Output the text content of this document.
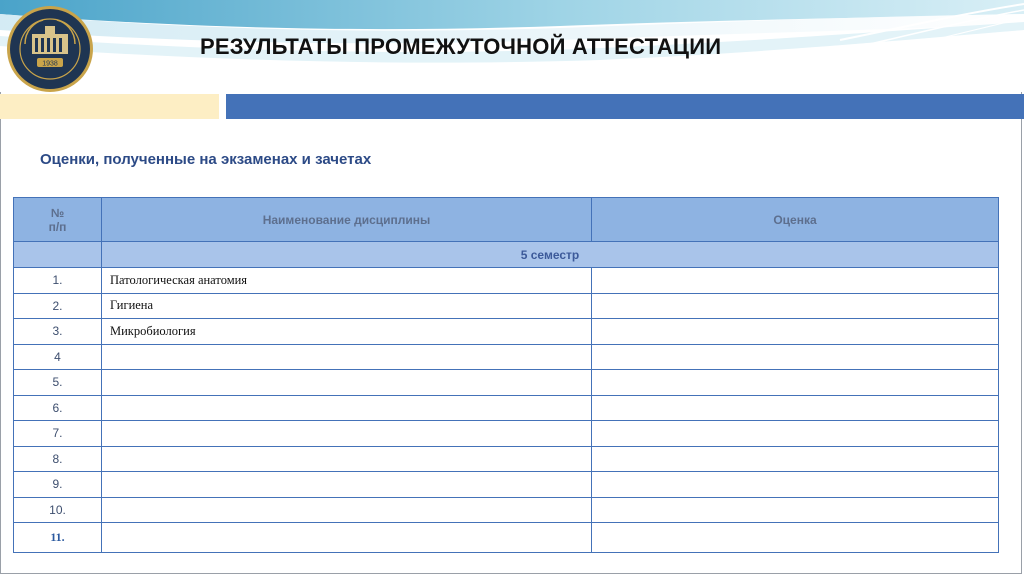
1938
РЕЗУЛЬТАТЫ ПРОМЕЖУТОЧНОЙ АТТЕСТАЦИИ
Оценки, полученные на экзаменах и зачетах
№
п/п	Наименование дисциплины	Оценка
	5 семестр	
1.	Патологическая анатомия	
2.	Гигиена	
3.	Микробиология	
4		
5.		
6.		
7.		
8.		
9.		
10.		
11.		
